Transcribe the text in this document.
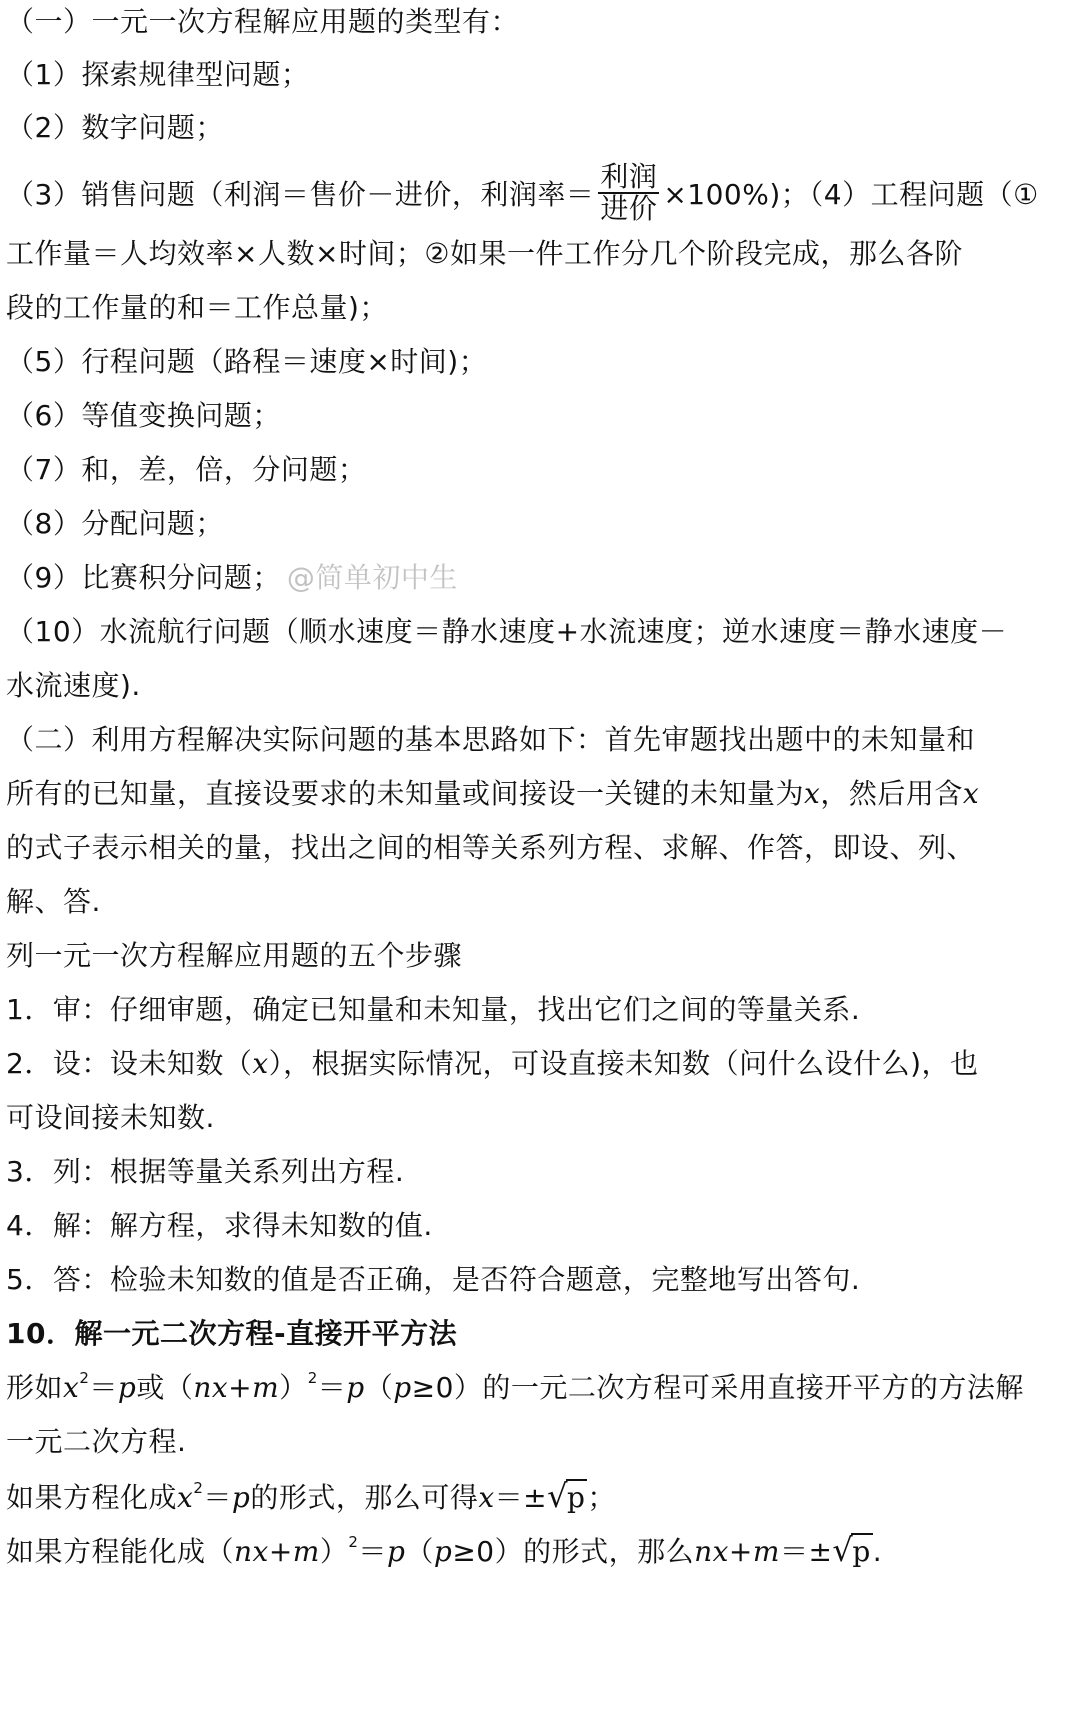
（一）一元一次方程解应用题的类型有：
（1）探索规律型问题；
（2）数字问题；
（3）销售问题（利润＝售价－进价，利润率＝ $\frac{\text{利润}}{\text{进价}} \times 100\%$)；（4）工程问题（①
工作量＝人均效率×人数×时间；②如果一件工作分几个阶段完成，那么各阶
段的工作量的和＝工作总量)；
（5）行程问题（路程＝速度×时间)；
（6）等值变换问题；
（7）和，差，倍，分问题；
（8）分配问题；
（9）比赛积分问题； @简单初中生
（10）水流航行问题（顺水速度＝静水速度+水流速度；逆水速度＝静水速度－
水流速度).
（二）利用方程解决实际问题的基本思路如下：首先审题找出题中的未知量和
所有的已知量，直接设要求的未知量或间接设一关键的未知量为x，然后用含x
的式子表示相关的量，找出之间的相等关系列方程、求解、作答，即设、列、
解、答.
列一元一次方程解应用题的五个步骤
1．审：仔细审题，确定已知量和未知量，找出它们之间的等量关系.
2．设：设未知数（x），根据实际情况，可设直接未知数（问什么设什么)，也
可设间接未知数.
3．列：根据等量关系列出方程.
4．解：解方程，求得未知数的值.
5．答：检验未知数的值是否正确，是否符合题意，完整地写出答句.
10．解一元二次方程-直接开平方法
形如$x^2=p$或$(nx+m)^2=p(p\ge 0)$的一元二次方程可采用直接开平方的方法解
一元二次方程.
如果方程化成$x^2=p$的形式，那么可得x＝±√p；
如果方程能化成$(nx+m)^2=p(p\ge 0)$的形式，那么nx+m＝±√p.
